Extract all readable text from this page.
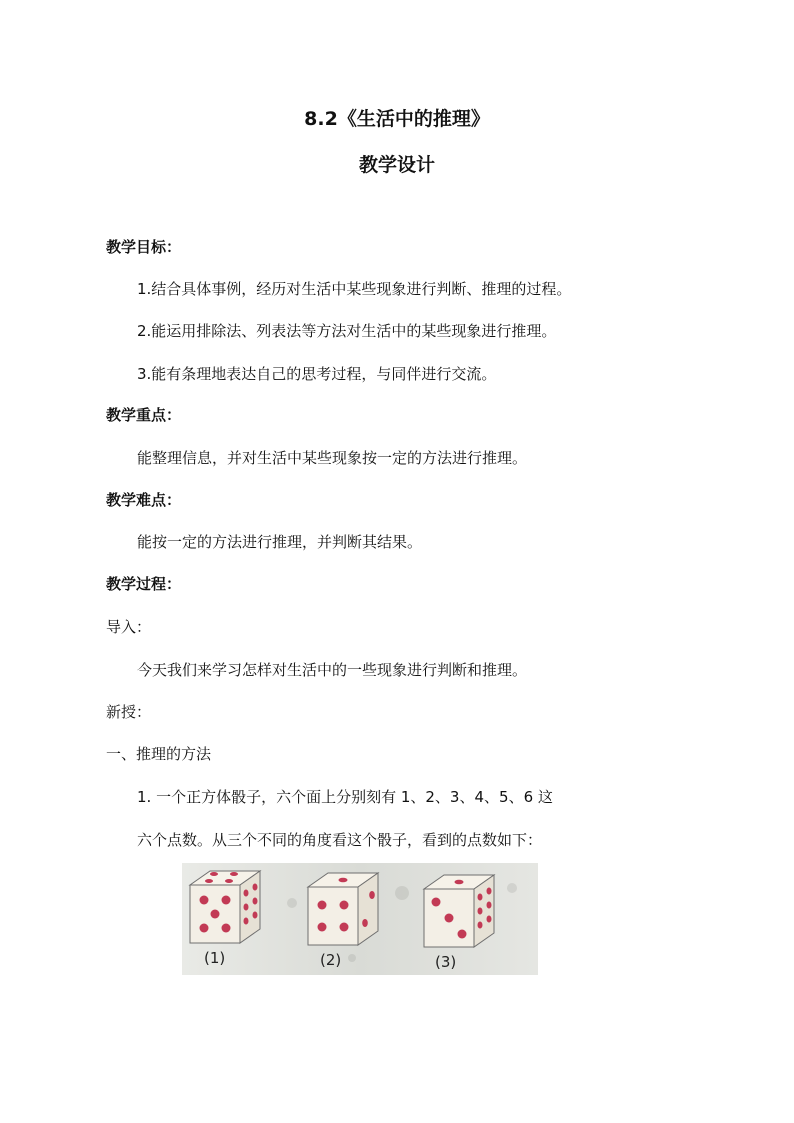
8.2《生活中的推理》
教学设计
教学目标：
1.结合具体事例，经历对生活中某些现象进行判断、推理的过程。
2.能运用排除法、列表法等方法对生活中的某些现象进行推理。
3.能有条理地表达自己的思考过程，与同伴进行交流。
教学重点：
能整理信息，并对生活中某些现象按一定的方法进行推理。
教学难点：
能按一定的方法进行推理，并判断其结果。
教学过程：
导入：
今天我们来学习怎样对生活中的一些现象进行判断和推理。
新授：
一、推理的方法
1. 一个正方体骰子，六个面上分别刻有 1、2、3、4、5、6 这
六个点数。从三个不同的角度看这个骰子，看到的点数如下：
(1)	(2)	(3)
